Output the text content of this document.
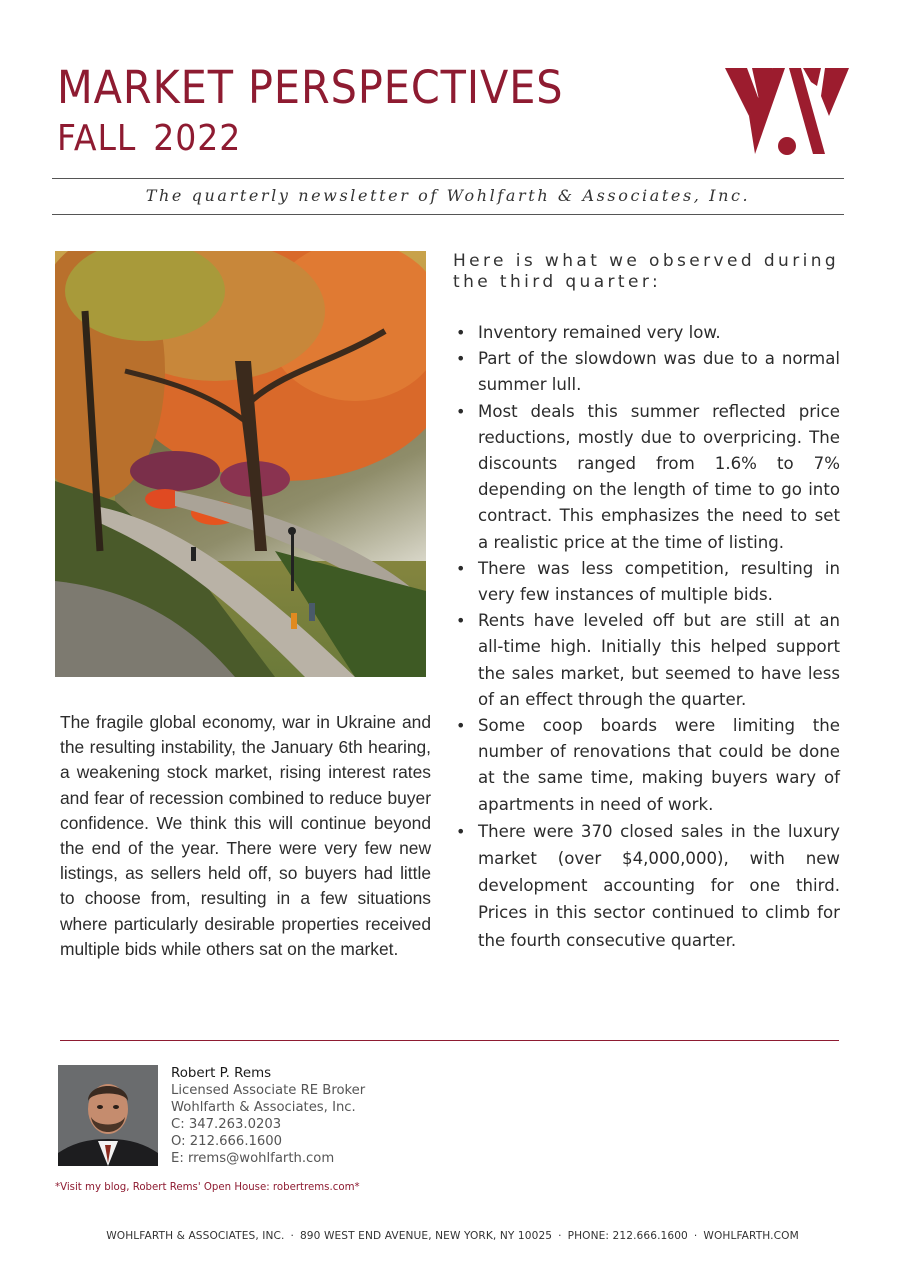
MARKET PERSPECTIVES
FALL 2022
The quarterly newsletter of Wohlfarth & Associates, Inc.

The fragile global economy, war in Ukraine and the resulting instability, the January 6th hearing, a weakening stock market, rising interest rates and fear of recession combined to reduce buyer confidence. We think this will continue beyond the end of the year. There were very few new listings, as sellers held off, so buyers had little to choose from, resulting in a few situations where particularly desirable properties received multiple bids while others sat on the market.

Here is what we observed during the third quarter:
• Inventory remained very low.
• Part of the slowdown was due to a normal summer lull.
• Most deals this summer reflected price reductions, mostly due to overpricing. The discounts ranged from 1.6% to 7% depending on the length of time to go into contract. This emphasizes the need to set a realistic price at the time of listing.
• There was less competition, resulting in very few instances of multiple bids.
• Rents have leveled off but are still at an all-time high. Initially this helped support the sales market, but seemed to have less of an effect through the quarter.
• Some coop boards were limiting the number of renovations that could be done at the same time, making buyers wary of apartments in need of work.
• There were 370 closed sales in the luxury market (over $4,000,000), with new development accounting for one third. Prices in this sector continued to climb for the fourth consecutive quarter.
Robert P. Rems
Licensed Associate RE Broker
Wohlfarth & Associates, Inc.
C: 347.263.0203
O: 212.666.1600
E: rrems@wohlfarth.com
*Visit my blog, Robert Rems' Open House: robertrems.com*
WOHLFARTH & ASSOCIATES, INC. · 890 WEST END AVENUE, NEW YORK, NY 10025 · PHONE: 212.666.1600 · WOHLFARTH.COM
